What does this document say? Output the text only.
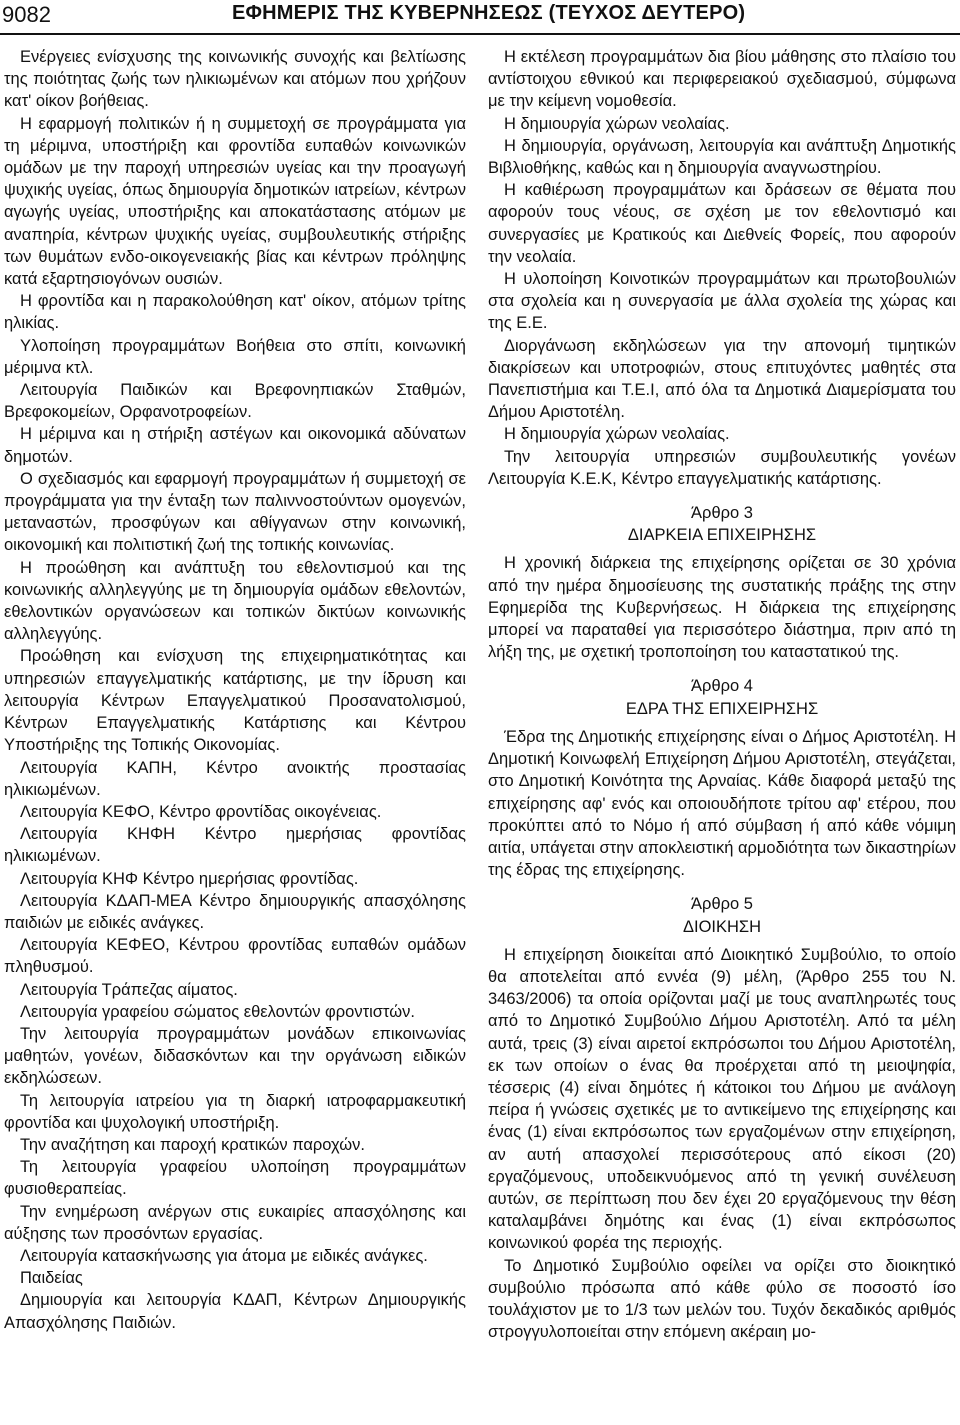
9082	ΕΦΗΜΕΡΙΣ ΤΗΣ ΚΥΒΕΡΝΗΣΕΩΣ (ΤΕΥΧΟΣ ΔΕΥΤΕΡΟ)

Ενέργειες ενίσχυσης της κοινωνικής συνοχής και βελτίωσης της ποιότητας ζωής των ηλικιωμένων και ατόμων που χρήζουν κατ' οίκον βοήθειας.

Η εφαρμογή πολιτικών ή η συμμετοχή σε προγράμματα για τη μέριμνα, υποστήριξη και φροντίδα ευπαθών κοινωνικών ομάδων με την παροχή υπηρεσιών υγείας και την προαγωγή ψυχικής υγείας, όπως δημιουργία δημοτικών ιατρείων, κέντρων αγωγής υγείας, υποστήριξης και αποκατάστασης ατόμων με αναπηρία, κέντρων ψυχικής υγείας, συμβουλευτικής στήριξης των θυμάτων ενδο-οικογενειακής βίας και κέντρων πρόληψης κατά εξαρτησιογόνων ουσιών.

Η φροντίδα και η παρακολούθηση κατ' οίκον, ατόμων τρίτης ηλικίας.

Υλοποίηση προγραμμάτων Βοήθεια στο σπίτι, κοινωνική μέριμνα κτλ.

Λειτουργία Παιδικών και Βρεφονηπιακών Σταθμών, Βρεφοκομείων, Ορφανοτροφείων.

Η μέριμνα και η στήριξη αστέγων και οικονομικά αδύνατων δημοτών.

Ο σχεδιασμός και εφαρμογή προγραμμάτων ή συμμετοχή σε προγράμματα για την ένταξη των παλιννοστούντων ομογενών, μεταναστών, προσφύγων και αθίγγανων στην κοινωνική, οικονομική και πολιτιστική ζωή της τοπικής κοινωνίας.

Η προώθηση και ανάπτυξη του εθελοντισμού και της κοινωνικής αλληλεγγύης με τη δημιουργία ομάδων εθελοντών, εθελοντικών οργανώσεων και τοπικών δικτύων κοινωνικής αλληλεγγύης.

Προώθηση και ενίσχυση της επιχειρηματικότητας και υπηρεσιών επαγγελματικής κατάρτισης, με την ίδρυση και λειτουργία Κέντρων Επαγγελματικού Προσανατολισμού, Κέντρων Επαγγελματικής Κατάρτισης και Κέντρου Υποστήριξης της Τοπικής Οικονομίας.

Λειτουργία ΚΑΠΗ, Κέντρο ανοικτής προστασίας ηλικιωμένων.

Λειτουργία ΚΕΦΟ, Κέντρο φροντίδας οικογένειας.

Λειτουργία ΚΗΦΗ Κέντρο ημερήσιας φροντίδας ηλικιωμένων.

Λειτουργία ΚΗΦ Κέντρο ημερήσιας φροντίδας.

Λειτουργία ΚΔΑΠ-ΜΕΑ Κέντρο δημιουργικής απασχόλησης παιδιών με ειδικές ανάγκες.

Λειτουργία ΚΕΦΕΟ, Κέντρου φροντίδας ευπαθών ομάδων πληθυσμού.

Λειτουργία Τράπεζας αίματος.

Λειτουργία γραφείου σώματος εθελοντών φροντιστών.

Την λειτουργία προγραμμάτων μονάδων επικοινωνίας μαθητών, γονέων, διδασκόντων και την οργάνωση ειδικών εκδηλώσεων.

Τη λειτουργία ιατρείου για τη διαρκή ιατροφαρμακευτική φροντίδα και ψυχολογική υποστήριξη.

Την αναζήτηση και παροχή κρατικών παροχών.

Τη λειτουργία γραφείου υλοποίηση προγραμμάτων φυσιοθεραπείας.

Την ενημέρωση ανέργων στις ευκαιρίες απασχόλησης και αύξησης των προσόντων εργασίας.

Λειτουργία κατασκήνωσης για άτομα με ειδικές ανάγκες.

Παιδείας

Δημιουργία και λειτουργία ΚΔΑΠ, Κέντρων Δημιουργικής Απασχόλησης Παιδιών.

Η εκτέλεση προγραμμάτων δια βίου μάθησης στο πλαίσιο του αντίστοιχου εθνικού και περιφερειακού σχεδιασμού, σύμφωνα με την κείμενη νομοθεσία.

Η δημιουργία χώρων νεολαίας.

Η δημιουργία, οργάνωση, λειτουργία και ανάπτυξη Δημοτικής Βιβλιοθήκης, καθώς και η δημιουργία αναγνωστηρίου.

Η καθιέρωση προγραμμάτων και δράσεων σε θέματα που αφορούν τους νέους, σε σχέση με τον εθελοντισμό και συνεργασίες με Κρατικούς και Διεθνείς Φορείς, που αφορούν την νεολαία.

Η υλοποίηση Κοινοτικών προγραμμάτων και πρωτοβουλιών στα σχολεία και η συνεργασία με άλλα σχολεία της χώρας και της Ε.Ε.

Διοργάνωση εκδηλώσεων για την απονομή τιμητικών διακρίσεων και υποτροφιών, στους επιτυχόντες μαθητές στα Πανεπιστήμια και Τ.Ε.Ι, από όλα τα Δημοτικά Διαμερίσματα του Δήμου Αριστοτέλη.

Η δημιουργία χώρων νεολαίας.

Την λειτουργία υπηρεσιών συμβουλευτικής γονέων Λειτουργία Κ.Ε.Κ, Κέντρο επαγγελματικής κατάρτισης.

Άρθρο 3
ΔΙΑΡΚΕΙΑ ΕΠΙΧΕΙΡΗΣΗΣ

Η χρονική διάρκεια της επιχείρησης ορίζεται σε 30 χρόνια από την ημέρα δημοσίευσης της συστατικής πράξης της στην Εφημερίδα της Κυβερνήσεως. Η διάρκεια της επιχείρησης μπορεί να παραταθεί για περισσότερο διάστημα, πριν από τη λήξη της, με σχετική τροποποίηση του καταστατικού της.

Άρθρο 4
ΕΔΡΑ ΤΗΣ ΕΠΙΧΕΙΡΗΣΗΣ

Έδρα της Δημοτικής επιχείρησης είναι ο Δήμος Αριστοτέλη. Η Δημοτική Κοινωφελή Επιχείρηση Δήμου Αριστοτέλη, στεγάζεται, στο Δημοτική Κοινότητα της Αρναίας. Κάθε διαφορά μεταξύ της επιχείρησης αφ' ενός και οποιουδήποτε τρίτου αφ' ετέρου, που προκύπτει από το Νόμο ή από σύμβαση ή από κάθε νόμιμη αιτία, υπάγεται στην αποκλειστική αρμοδιότητα των δικαστηρίων της έδρας της επιχείρησης.

Άρθρο 5
ΔΙΟΙΚΗΣΗ

Η επιχείρηση διοικείται από Διοικητικό Συμβούλιο, το οποίο θα αποτελείται από εννέα (9) μέλη, (Άρθρο 255 του Ν. 3463/2006) τα οποία ορίζονται μαζί με τους αναπληρωτές τους από το Δημοτικό Συμβούλιο Δήμου Αριστοτέλη. Από τα μέλη αυτά, τρεις (3) είναι αιρετοί εκπρόσωποι του Δήμου Αριστοτέλη, εκ των οποίων ο ένας θα προέρχεται από τη μειοψηφία, τέσσερις (4) είναι δημότες ή κάτοικοι του Δήμου με ανάλογη πείρα ή γνώσεις σχετικές με το αντικείμενο της επιχείρησης και ένας (1) είναι εκπρόσωπος των εργαζομένων στην επιχείρηση, αν αυτή απασχολεί περισσότερους από είκοσι (20) εργαζόμενους, υποδεικνυόμενος από τη γενική συνέλευση αυτών, σε περίπτωση που δεν έχει 20 εργαζόμενους την θέση καταλαμβάνει δημότης και ένας (1) είναι εκπρόσωπος κοινωνικού φορέα της περιοχής.

Το Δημοτικό Συμβούλιο οφείλει να ορίζει στο διοικητικό συμβούλιο πρόσωπα από κάθε φύλο σε ποσοστό ίσο τουλάχιστον με το 1/3 των μελών του. Τυχόν δεκαδικός αριθμός στρογγυλοποιείται στην επόμενη ακέραιη μο-
